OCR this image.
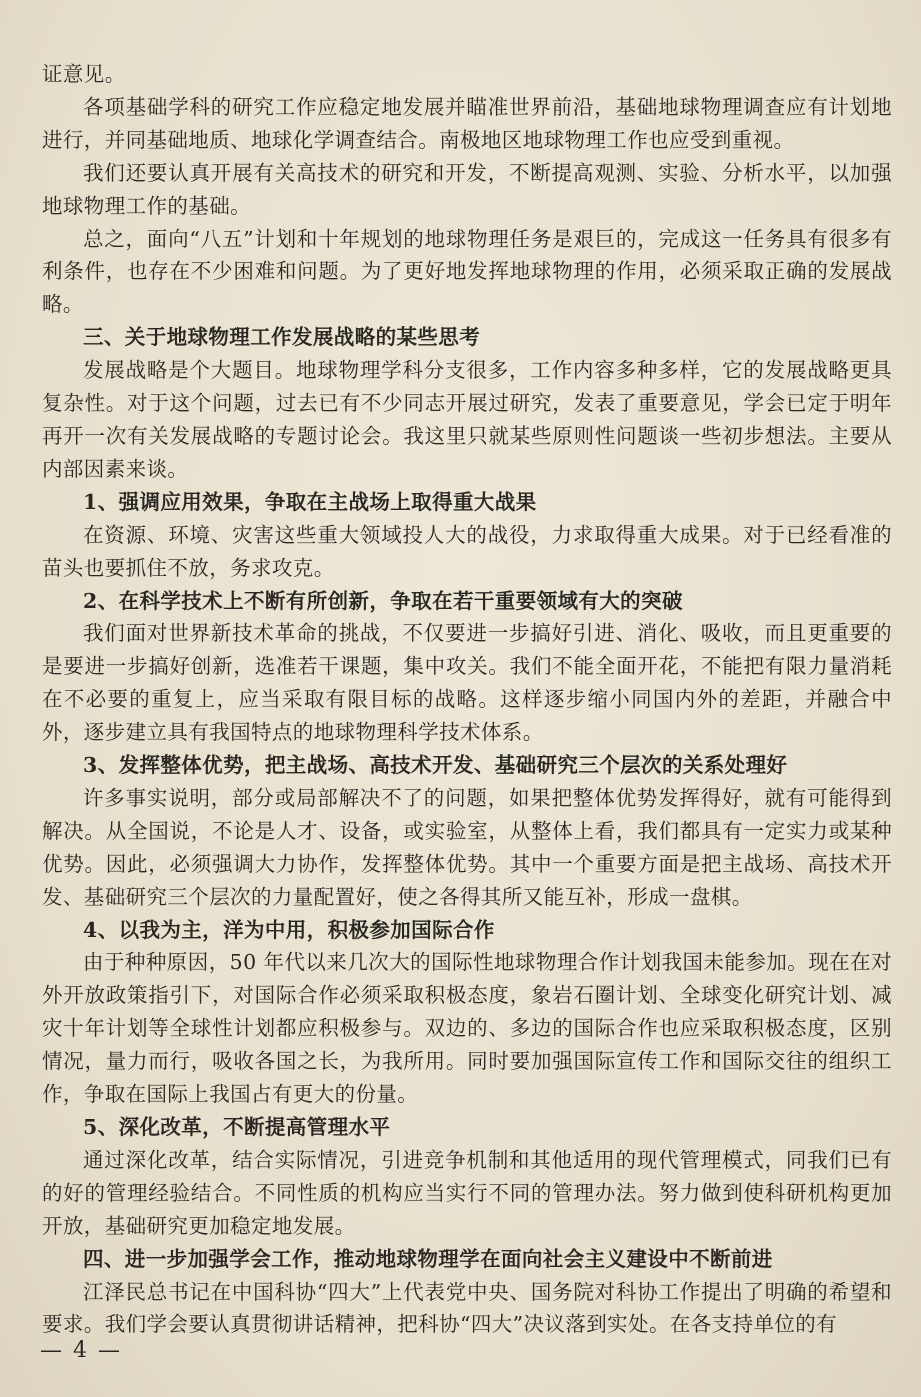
证意见。

各项基础学科的研究工作应稳定地发展并瞄准世界前沿，基础地球物理调查应有计划地进行，并同基础地质、地球化学调查结合。南极地区地球物理工作也应受到重视。

我们还要认真开展有关高技术的研究和开发，不断提高观测、实验、分析水平，以加强地球物理工作的基础。

总之，面向“八五”计划和十年规划的地球物理任务是艰巨的，完成这一任务具有很多有利条件，也存在不少困难和问题。为了更好地发挥地球物理的作用，必须采取正确的发展战略。

三、关于地球物理工作发展战略的某些思考

发展战略是个大题目。地球物理学科分支很多，工作内容多种多样，它的发展战略更具复杂性。对于这个问题，过去已有不少同志开展过研究，发表了重要意见，学会已定于明年再开一次有关发展战略的专题讨论会。我这里只就某些原则性问题谈一些初步想法。主要从内部因素来谈。

1、强调应用效果，争取在主战场上取得重大战果

在资源、环境、灾害这些重大领域投人大的战役，力求取得重大成果。对于已经看准的苗头也要抓住不放，务求攻克。

2、在科学技术上不断有所创新，争取在若干重要领域有大的突破

我们面对世界新技术革命的挑战，不仅要进一步搞好引进、消化、吸收，而且更重要的是要进一步搞好创新，选准若干课题，集中攻关。我们不能全面开花，不能把有限力量消耗在不必要的重复上，应当采取有限目标的战略。这样逐步缩小同国内外的差距，并融合中外，逐步建立具有我国特点的地球物理科学技术体系。

3、发挥整体优势，把主战场、高技术开发、基础研究三个层次的关系处理好

许多事实说明，部分或局部解决不了的问题，如果把整体优势发挥得好，就有可能得到解决。从全国说，不论是人才、设备，或实验室，从整体上看，我们都具有一定实力或某种优势。因此，必须强调大力协作，发挥整体优势。其中一个重要方面是把主战场、高技术开发、基础研究三个层次的力量配置好，使之各得其所又能互补，形成一盘棋。

4、以我为主，洋为中用，积极参加国际合作

由于种种原因，50 年代以来几次大的国际性地球物理合作计划我国未能参加。现在在对外开放政策指引下，对国际合作必须采取积极态度，象岩石圈计划、全球变化研究计划、减灾十年计划等全球性计划都应积极参与。双边的、多边的国际合作也应采取积极态度，区别情况，量力而行，吸收各国之长，为我所用。同时要加强国际宣传工作和国际交往的组织工作，争取在国际上我国占有更大的份量。

5、深化改革，不断提高管理水平

通过深化改革，结合实际情况，引进竞争机制和其他适用的现代管理模式，同我们已有的好的管理经验结合。不同性质的机构应当实行不同的管理办法。努力做到使科研机构更加开放，基础研究更加稳定地发展。

四、进一步加强学会工作，推动地球物理学在面向社会主义建设中不断前进

江泽民总书记在中国科协“四大”上代表党中央、国务院对科协工作提出了明确的希望和要求。我们学会要认真贯彻讲话精神，把科协“四大”决议落到实处。在各支持单位的有

— 4 —
